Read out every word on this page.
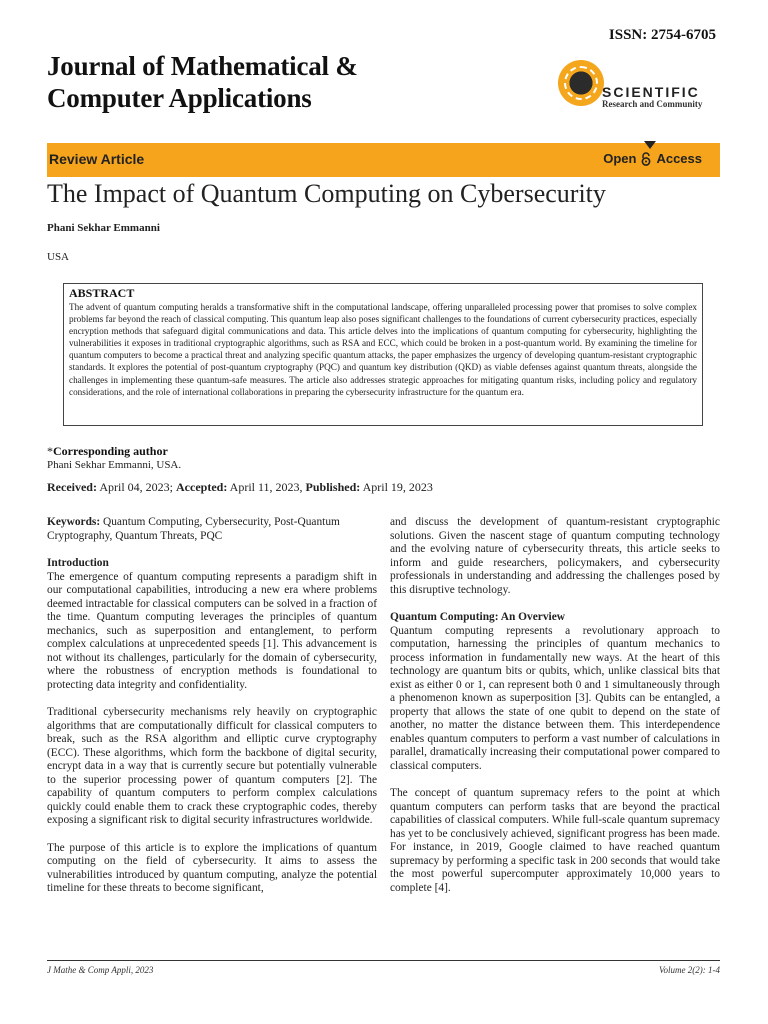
ISSN: 2754-6705
Journal of Mathematical &
Computer Applications	SCIENTIFIC
Research and Community
Review Article	Open Access
The Impact of Quantum Computing on Cybersecurity
Phani Sekhar Emmanni
USA
ABSTRACT
The advent of quantum computing heralds a transformative shift in the computational landscape, offering unparalleled processing power that promises to solve complex problems far beyond the reach of classical computing. This quantum leap also poses significant challenges to the foundations of current cybersecurity practices, especially encryption methods that safeguard digital communications and data. This article delves into the implications of quantum computing for cybersecurity, highlighting the vulnerabilities it exposes in traditional cryptographic algorithms, such as RSA and ECC, which could be broken in a post-quantum world. By examining the timeline for quantum computers to become a practical threat and analyzing specific quantum attacks, the paper emphasizes the urgency of developing quantum-resistant cryptographic standards. It explores the potential of post-quantum cryptography (PQC) and quantum key distribution (QKD) as viable defenses against quantum threats, alongside the challenges in implementing these quantum-safe measures. The article also addresses strategic approaches for mitigating quantum risks, including policy and regulatory considerations, and the role of international collaborations in preparing the cybersecurity infrastructure for the quantum era.
*Corresponding author
Phani Sekhar Emmanni, USA.
Received: April 04, 2023; Accepted: April 11, 2023, Published: April 19, 2023

Keywords: Quantum Computing, Cybersecurity, Post-Quantum Cryptography, Quantum Threats, PQC

Introduction

The emergence of quantum computing represents a paradigm shift in our computational capabilities, introducing a new era where problems deemed intractable for classical computers can be solved in a fraction of the time. Quantum computing leverages the principles of quantum mechanics, such as superposition and entanglement, to perform complex calculations at unprecedented speeds [1]. This advancement is not without its challenges, particularly for the domain of cybersecurity, where the robustness of encryption methods is foundational to protecting data integrity and confidentiality.

Traditional cybersecurity mechanisms rely heavily on cryptographic algorithms that are computationally difficult for classical computers to break, such as the RSA algorithm and elliptic curve cryptography (ECC). These algorithms, which form the backbone of digital security, encrypt data in a way that is currently secure but potentially vulnerable to the superior processing power of quantum computers [2]. The capability of quantum computers to perform complex calculations quickly could enable them to crack these cryptographic codes, thereby exposing a significant risk to digital security infrastructures worldwide.

The purpose of this article is to explore the implications of quantum computing on the field of cybersecurity. It aims to assess the vulnerabilities introduced by quantum computing, analyze the potential timeline for these threats to become significant,

and discuss the development of quantum-resistant cryptographic solutions. Given the nascent stage of quantum computing technology and the evolving nature of cybersecurity threats, this article seeks to inform and guide researchers, policymakers, and cybersecurity professionals in understanding and addressing the challenges posed by this disruptive technology.

Quantum Computing: An Overview

Quantum computing represents a revolutionary approach to computation, harnessing the principles of quantum mechanics to process information in fundamentally new ways. At the heart of this technology are quantum bits or qubits, which, unlike classical bits that exist as either 0 or 1, can represent both 0 and 1 simultaneously through a phenomenon known as superposition [3]. Qubits can be entangled, a property that allows the state of one qubit to depend on the state of another, no matter the distance between them. This interdependence enables quantum computers to perform a vast number of calculations in parallel, dramatically increasing their computational power compared to classical computers.

The concept of quantum supremacy refers to the point at which quantum computers can perform tasks that are beyond the practical capabilities of classical computers. While full-scale quantum supremacy has yet to be conclusively achieved, significant progress has been made. For instance, in 2019, Google claimed to have reached quantum supremacy by performing a specific task in 200 seconds that would take the most powerful supercomputer approximately 10,000 years to complete [4].

J Mathe & Comp Appli, 2023	Volume 2(2): 1-4
